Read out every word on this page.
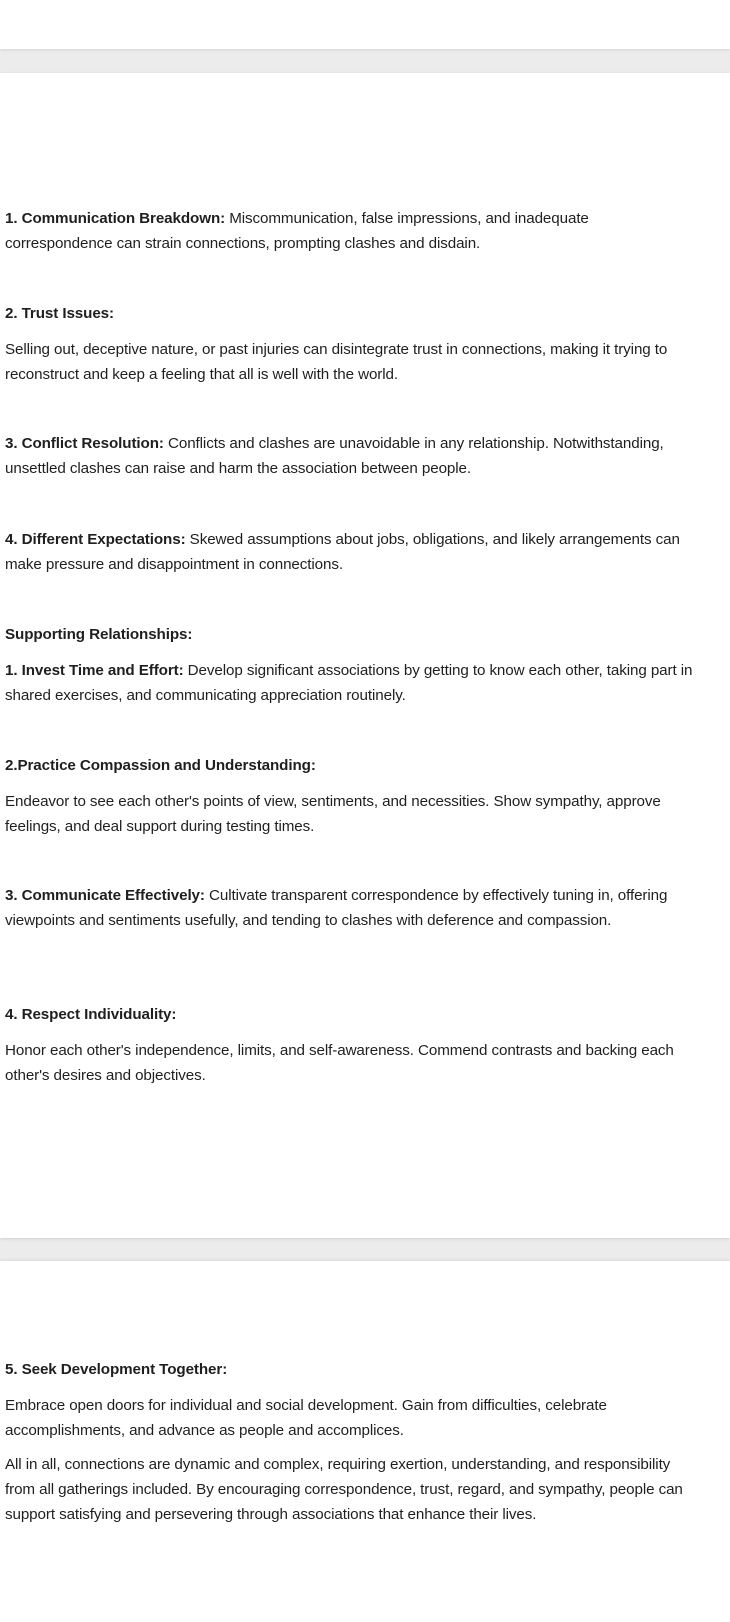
1. Communication Breakdown: Miscommunication, false impressions, and inadequate correspondence can strain connections, prompting clashes and disdain.

2. Trust Issues:

Selling out, deceptive nature, or past injuries can disintegrate trust in connections, making it trying to reconstruct and keep a feeling that all is well with the world.

3. Conflict Resolution: Conflicts and clashes are unavoidable in any relationship. Notwithstanding, unsettled clashes can raise and harm the association between people.

4. Different Expectations: Skewed assumptions about jobs, obligations, and likely arrangements can make pressure and disappointment in connections.

Supporting Relationships:

1. Invest Time and Effort: Develop significant associations by getting to know each other, taking part in shared exercises, and communicating appreciation routinely.

2.Practice Compassion and Understanding:

Endeavor to see each other's points of view, sentiments, and necessities. Show sympathy, approve feelings, and deal support during testing times.

3. Communicate Effectively: Cultivate transparent correspondence by effectively tuning in, offering viewpoints and sentiments usefully, and tending to clashes with deference and compassion.

4. Respect Individuality:

Honor each other's independence, limits, and self-awareness. Commend contrasts and backing each other's desires and objectives.

5. Seek Development Together:

Embrace open doors for individual and social development. Gain from difficulties, celebrate accomplishments, and advance as people and accomplices.

All in all, connections are dynamic and complex, requiring exertion, understanding, and responsibility from all gatherings included. By encouraging correspondence, trust, regard, and sympathy, people can support satisfying and persevering through associations that enhance their lives.
